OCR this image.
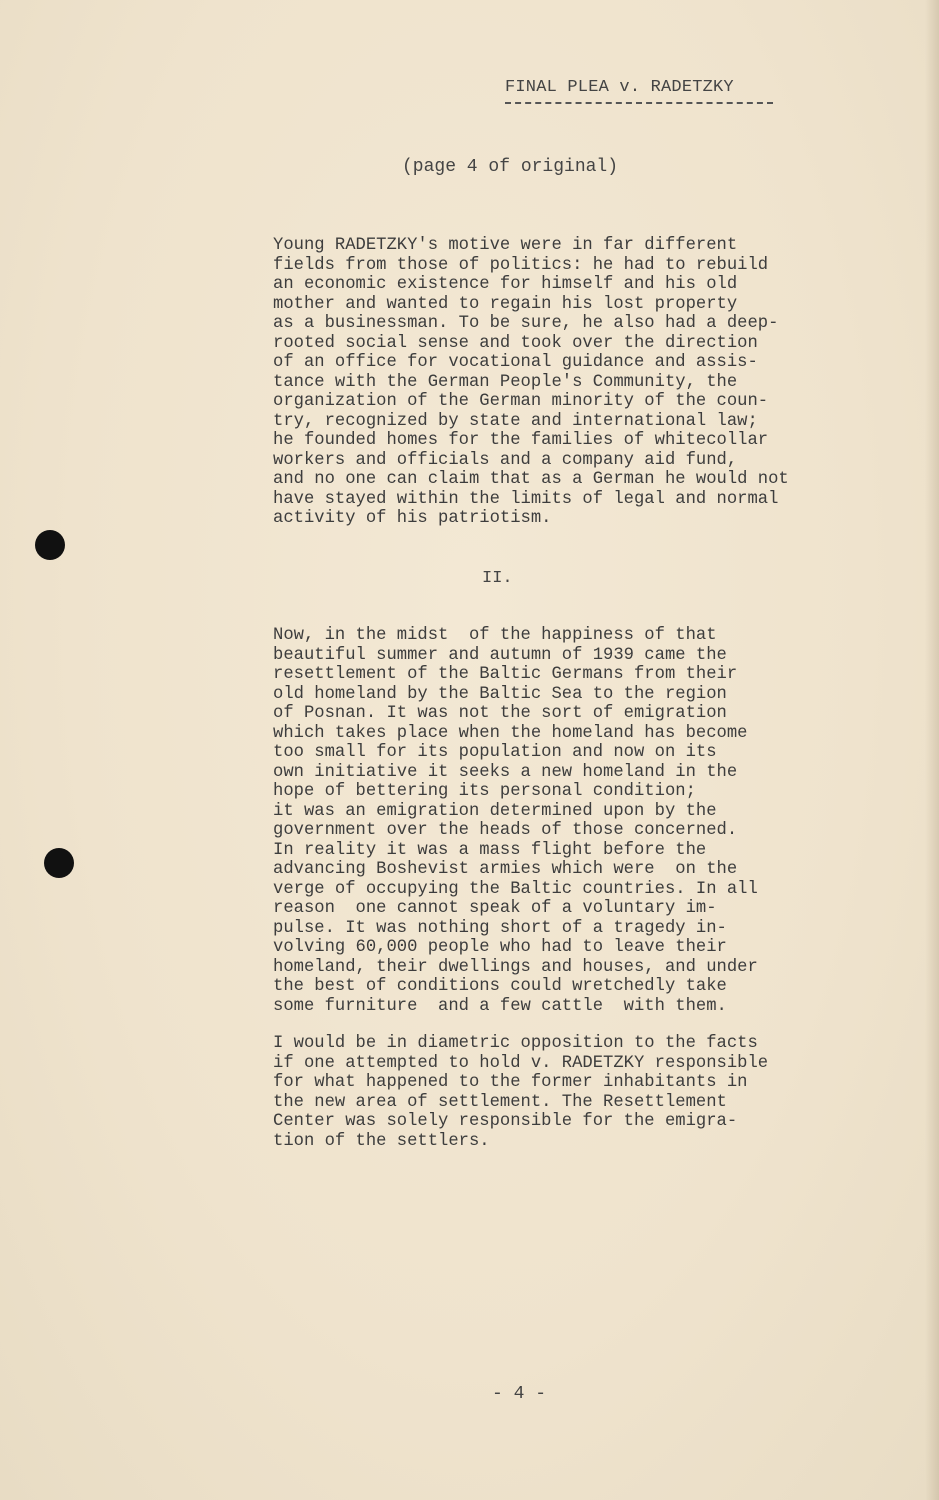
FINAL PLEA v. RADETZKY
(page 4 of original)

Young RADETZKY's motive were in far different
fields from those of politics: he had to rebuild
an economic existence for himself and his old
mother and wanted to regain his lost property
as a businessman. To be sure, he also had a deep-
rooted social sense and took over the direction
of an office for vocational guidance and assis-
tance with the German People's Community, the
organization of the German minority of the coun-
try, recognized by state and international law;
he founded homes for the families of whitecollar
workers and officials and a company aid fund,
and no one can claim that as a German he would not
have stayed within the limits of legal and normal
activity of his patriotism.

II.

Now, in the midst  of the happiness of that
beautiful summer and autumn of 1939 came the
resettlement of the Baltic Germans from their
old homeland by the Baltic Sea to the region
of Posnan. It was not the sort of emigration
which takes place when the homeland has become
too small for its population and now on its
own initiative it seeks a new homeland in the
hope of bettering its personal condition;
it was an emigration determined upon by the
government over the heads of those concerned.
In reality it was a mass flight before the
advancing Boshevist armies which were  on the
verge of occupying the Baltic countries. In all
reason  one cannot speak of a voluntary im-
pulse. It was nothing short of a tragedy in-
volving 60,000 people who had to leave their
homeland, their dwellings and houses, and under
the best of conditions could wretchedly take
some furniture  and a few cattle  with them.

I would be in diametric opposition to the facts
if one attempted to hold v. RADETZKY responsible
for what happened to the former inhabitants in
the new area of settlement. The Resettlement
Center was solely responsible for the emigra-
tion of the settlers.

- 4 -
